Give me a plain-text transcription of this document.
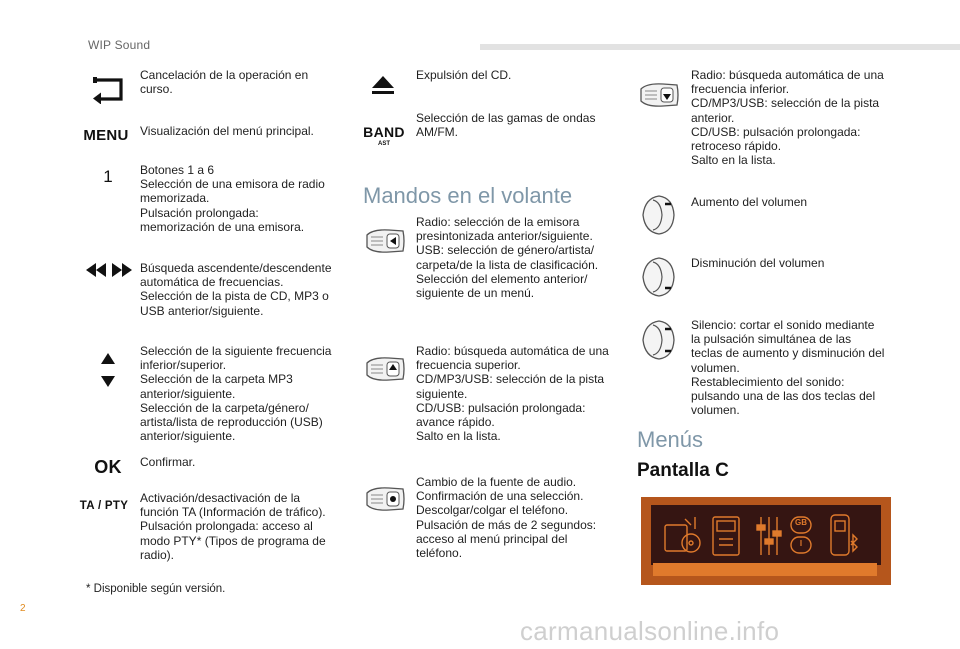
WIP Sound
Cancelación de la operación en
curso.
MENU Visualización del menú principal.
1	Botones 1 a 6
Selección de una emisora de radio
memorizada.
Pulsación prolongada:
memorización de una emisora.
Búsqueda ascendente/descendente
automática de frecuencias.
Selección de la pista de CD, MP3 o
USB anterior/siguiente.
Selección de la siguiente frecuencia
inferior/superior.
Selección de la carpeta MP3
anterior/siguiente.
Selección de la carpeta/género/
artista/lista de reproducción (USB)
anterior/siguiente.
OK	Confirmar.
TA / PTY
Activación/desactivación de la
función TA (Información de tráfico).
Pulsación prolongada: acceso al
modo PTY* (Tipos de programa de
radio).
* Disponible según versión.
Expulsión del CD.
BAND
AST
Selección de las gamas de ondas
AM/FM.
Mandos en el volante
Radio: selección de la emisora
presintonizada anterior/siguiente.
USB: selección de género/artista/
carpeta/de la lista de clasificación.
Selección del elemento anterior/
siguiente de un menú.
Radio: búsqueda automática de una
frecuencia superior.
CD/MP3/USB: selección de la pista
siguiente.
CD/USB: pulsación prolongada:
avance rápido.
Salto en la lista.
Cambio de la fuente de audio.
Confirmación de una selección.
Descolgar/colgar el teléfono.
Pulsación de más de 2 segundos:
acceso al menú principal del
teléfono.
Radio: búsqueda automática de una
frecuencia inferior.
CD/MP3/USB: selección de la pista
anterior.
CD/USB: pulsación prolongada:
retroceso rápido.
Salto en la lista.
Aumento del volumen
Disminución del volumen
Silencio: cortar el sonido mediante
la pulsación simultánea de las
teclas de aumento y disminución del
volumen.
Restablecimiento del sonido:
pulsando una de las dos teclas del
volumen.
Menús
Pantalla C
GB
I
2
carmanualsonline.info
